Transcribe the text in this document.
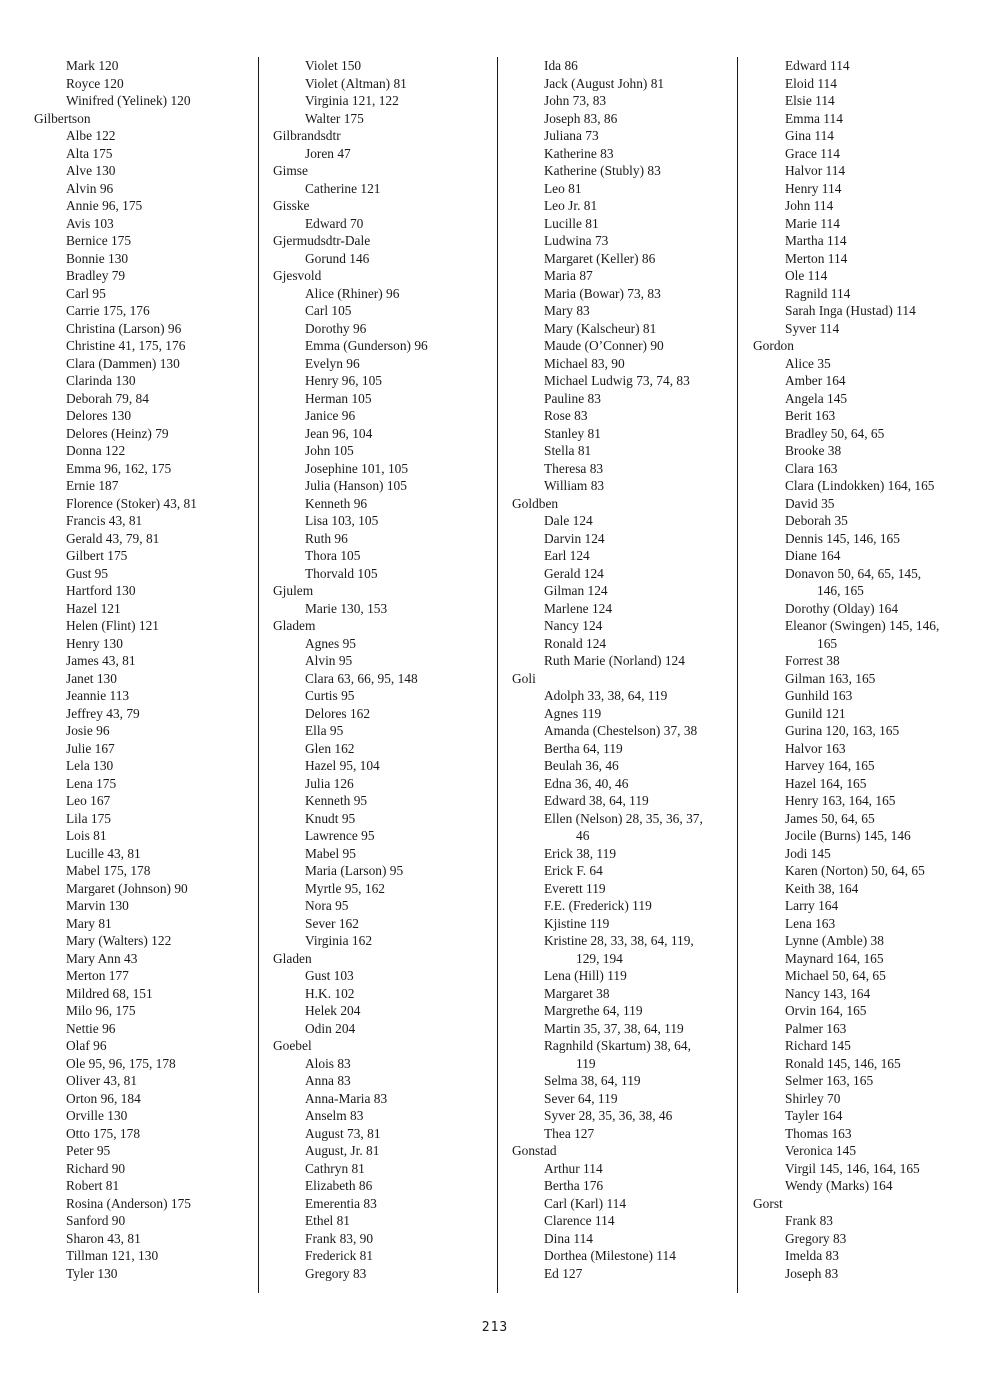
Mark 120
Royce 120
Winifred (Yelinek) 120
Gilbertson
Albe 122
Alta 175
Alve 130
Alvin 96
Annie 96, 175
Avis 103
Bernice 175
Bonnie 130
Bradley 79
Carl 95
Carrie 175, 176
Christina (Larson) 96
Christine 41, 175, 176
Clara (Dammen) 130
Clarinda 130
Deborah 79, 84
Delores 130
Delores (Heinz) 79
Donna 122
Emma 96, 162, 175
Ernie 187
Florence (Stoker) 43, 81
Francis 43, 81
Gerald 43, 79, 81
Gilbert 175
Gust 95
Hartford 130
Hazel 121
Helen (Flint) 121
Henry 130
James 43, 81
Janet 130
Jeannie 113
Jeffrey 43, 79
Josie 96
Julie 167
Lela 130
Lena 175
Leo 167
Lila 175
Lois 81
Lucille 43, 81
Mabel 175, 178
Margaret (Johnson) 90
Marvin 130
Mary 81
Mary (Walters) 122
Mary Ann 43
Merton 177
Mildred 68, 151
Milo 96, 175
Nettie 96
Olaf 96
Ole 95, 96, 175, 178
Oliver 43, 81
Orton 96, 184
Orville 130
Otto 175, 178
Peter 95
Richard 90
Robert 81
Rosina (Anderson) 175
Sanford 90
Sharon 43, 81
Tillman 121, 130
Tyler 130
Violet 150
Violet (Altman) 81
Virginia 121, 122
Walter 175
Gilbrandsdtr
Joren 47
Gimse
Catherine 121
Gisske
Edward 70
Gjermudsdtr-Dale
Gorund 146
Gjesvold
Alice (Rhiner) 96
Carl 105
Dorothy 96
Emma (Gunderson) 96
Evelyn 96
Henry 96, 105
Herman 105
Janice 96
Jean 96, 104
John 105
Josephine 101, 105
Julia (Hanson) 105
Kenneth 96
Lisa 103, 105
Ruth 96
Thora 105
Thorvald 105
Gjulem
Marie 130, 153
Gladem
Agnes 95
Alvin 95
Clara 63, 66, 95, 148
Curtis 95
Delores 162
Ella 95
Glen 162
Hazel 95, 104
Julia 126
Kenneth 95
Knudt 95
Lawrence 95
Mabel 95
Maria (Larson) 95
Myrtle 95, 162
Nora 95
Sever 162
Virginia 162
Gladen
Gust 103
H.K. 102
Helek 204
Odin 204
Goebel
Alois 83
Anna 83
Anna-Maria 83
Anselm 83
August 73, 81
August, Jr. 81
Cathryn 81
Elizabeth 86
Emerentia 83
Ethel 81
Frank 83, 90
Frederick 81
Gregory 83
Ida 86
Jack (August John) 81
John 73, 83
Joseph 83, 86
Juliana 73
Katherine 83
Katherine (Stubly) 83
Leo 81
Leo Jr. 81
Lucille 81
Ludwina 73
Margaret (Keller) 86
Maria 87
Maria (Bowar) 73, 83
Mary 83
Mary (Kalscheur) 81
Maude (O’Conner) 90
Michael 83, 90
Michael Ludwig 73, 74, 83
Pauline 83
Rose 83
Stanley 81
Stella 81
Theresa 83
William 83
Goldben
Dale 124
Darvin 124
Earl 124
Gerald 124
Gilman 124
Marlene 124
Nancy 124
Ronald 124
Ruth Marie (Norland) 124
Goli
Adolph 33, 38, 64, 119
Agnes 119
Amanda (Chestelson) 37, 38
Bertha 64, 119
Beulah 36, 46
Edna 36, 40, 46
Edward 38, 64, 119
Ellen (Nelson) 28, 35, 36, 37,
46
Erick 38, 119
Erick F. 64
Everett 119
F.E. (Frederick) 119
Kjistine 119
Kristine 28, 33, 38, 64, 119,
129, 194
Lena (Hill) 119
Margaret 38
Margrethe 64, 119
Martin 35, 37, 38, 64, 119
Ragnhild (Skartum) 38, 64,
119
Selma 38, 64, 119
Sever 64, 119
Syver 28, 35, 36, 38, 46
Thea 127
Gonstad
Arthur 114
Bertha 176
Carl (Karl) 114
Clarence 114
Dina 114
Dorthea (Milestone) 114
Ed 127
Edward 114
Eloid 114
Elsie 114
Emma 114
Gina 114
Grace 114
Halvor 114
Henry 114
John 114
Marie 114
Martha 114
Merton 114
Ole 114
Ragnild 114
Sarah Inga (Hustad) 114
Syver 114
Gordon
Alice 35
Amber 164
Angela 145
Berit 163
Bradley 50, 64, 65
Brooke 38
Clara 163
Clara (Lindokken) 164, 165
David 35
Deborah 35
Dennis 145, 146, 165
Diane 164
Donavon 50, 64, 65, 145,
146, 165
Dorothy (Olday) 164
Eleanor (Swingen) 145, 146,
165
Forrest 38
Gilman 163, 165
Gunhild 163
Gunild 121
Gurina 120, 163, 165
Halvor 163
Harvey 164, 165
Hazel 164, 165
Henry 163, 164, 165
James 50, 64, 65
Jocile (Burns) 145, 146
Jodi 145
Karen (Norton) 50, 64, 65
Keith 38, 164
Larry 164
Lena 163
Lynne (Amble) 38
Maynard 164, 165
Michael 50, 64, 65
Nancy 143, 164
Orvin 164, 165
Palmer 163
Richard 145
Ronald 145, 146, 165
Selmer 163, 165
Shirley 70
Tayler 164
Thomas 163
Veronica 145
Virgil 145, 146, 164, 165
Wendy (Marks) 164
Gorst
Frank 83
Gregory 83
Imelda 83
Joseph 83
213
